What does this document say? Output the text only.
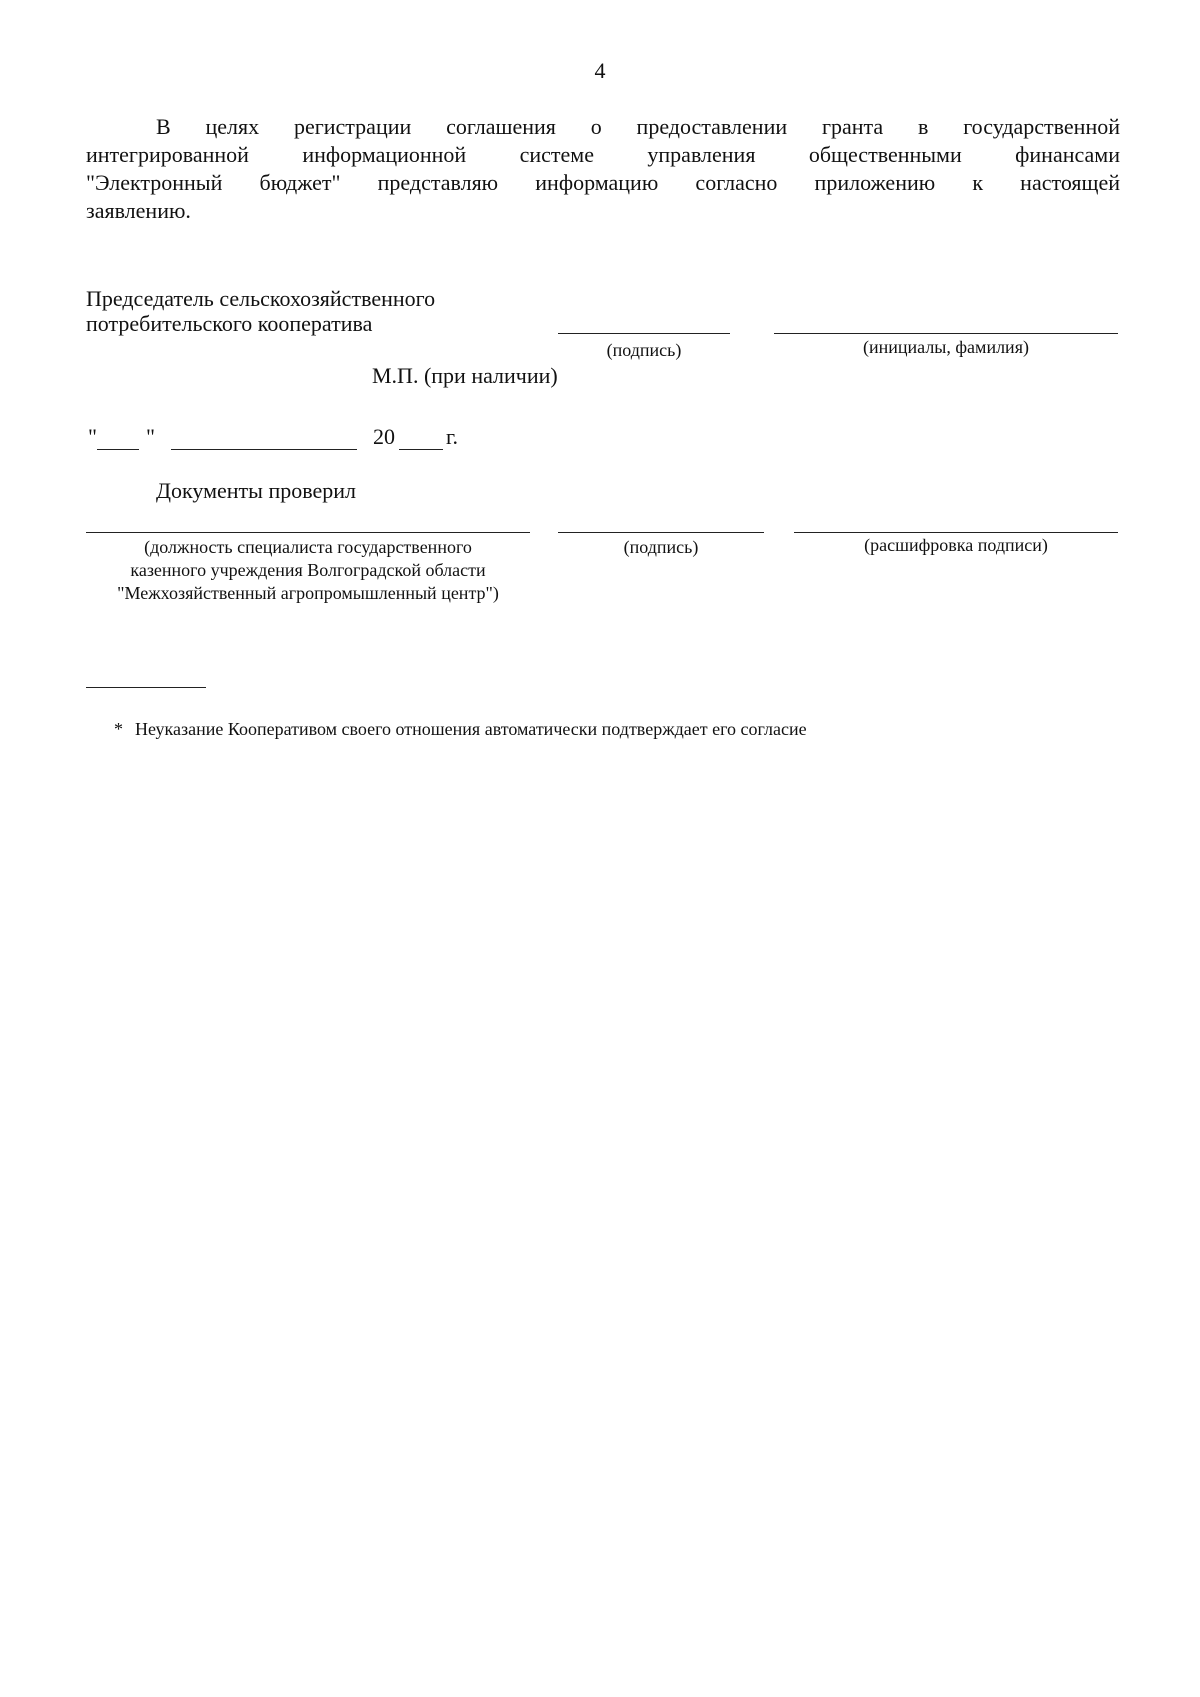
4
В целях регистрации соглашения о предоставлении гранта в государственной
интегрированной информационной системе управления общественными финансами
"Электронный бюджет" представляю информацию согласно приложению к настоящей
заявлению.
Председатель сельскохозяйственного
потребительского кооператива
(подпись)	(инициалы, фамилия)
М.П. (при наличии)
" "	20 г.
Документы проверил
(должность специалиста государственного
казенного учреждения Волгоградской области
"Межхозяйственный агропромышленный центр")
(подпись)	(расшифровка подписи)
* Неуказание Кооперативом своего отношения автоматически подтверждает его согласие
